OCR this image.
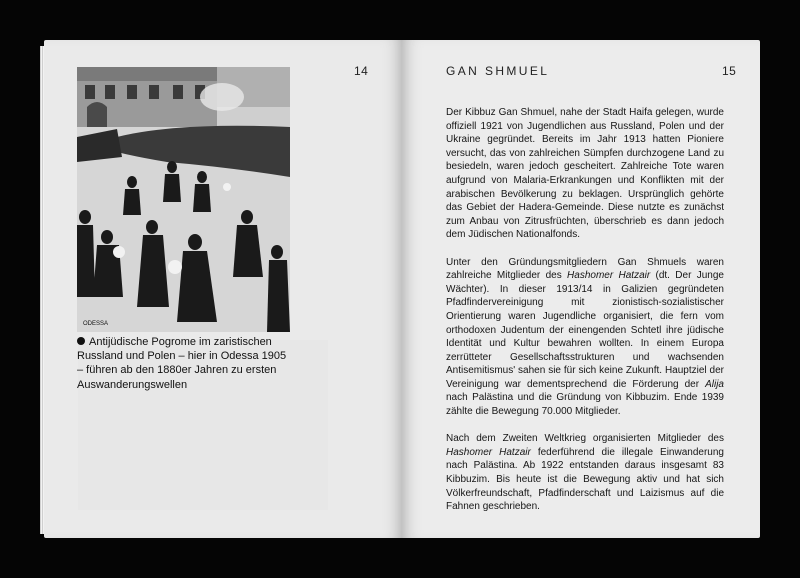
14
ODESSA
Antijüdische Pogrome im zaristischen Russland und Polen – hier in Odessa 1905 – führen ab den 1880er Jahren zu ersten Auswanderungswellen
GAN SHMUEL	15

Der Kibbuz Gan Shmuel, nahe der Stadt Haifa gelegen, wurde offiziell 1921 von Jugendlichen aus Russland, Polen und der Ukraine gegründet. Bereits im Jahr 1913 hatten Pioniere versucht, das von zahlreichen Sümpfen durchzogene Land zu besiedeln, waren jedoch gescheitert. Zahlreiche Tote waren aufgrund von Malaria-Erkrankungen und Konflikten mit der arabischen Bevölkerung zu beklagen. Ursprünglich gehörte das Gebiet der Hadera-Gemeinde. Diese nutzte es zunächst zum Anbau von Zitrusfrüchten, überschrieb es dann jedoch dem Jüdischen Nationalfonds.

Unter den Gründungsmitgliedern Gan Shmuels waren zahlreiche Mitglieder des Hashomer Hatzair (dt. Der Junge Wächter). In dieser 1913/14 in Galizien gegründeten Pfadfindervereinigung mit zionistisch-sozialistischer Orientierung waren Jugendliche organisiert, die fern vom orthodoxen Judentum der einengenden Schtetl ihre jüdische Identität und Kultur bewahren wollten. In einem Europa zerrütteter Gesellschaftsstrukturen und wachsenden Antisemitismus' sahen sie für sich keine Zukunft. Hauptziel der Vereinigung war dementsprechend die Förderung der Alija nach Palästina und die Gründung von Kibbuzim. Ende 1939 zählte die Bewegung 70.000 Mitglieder.

Nach dem Zweiten Weltkrieg organisierten Mitglieder des Hashomer Hatzair federführend die illegale Einwanderung nach Palästina. Ab 1922 entstanden daraus insgesamt 83 Kibbuzim. Bis heute ist die Bewegung aktiv und hat sich Völkerfreundschaft, Pfadfinderschaft und Laizismus auf die Fahnen geschrieben.
